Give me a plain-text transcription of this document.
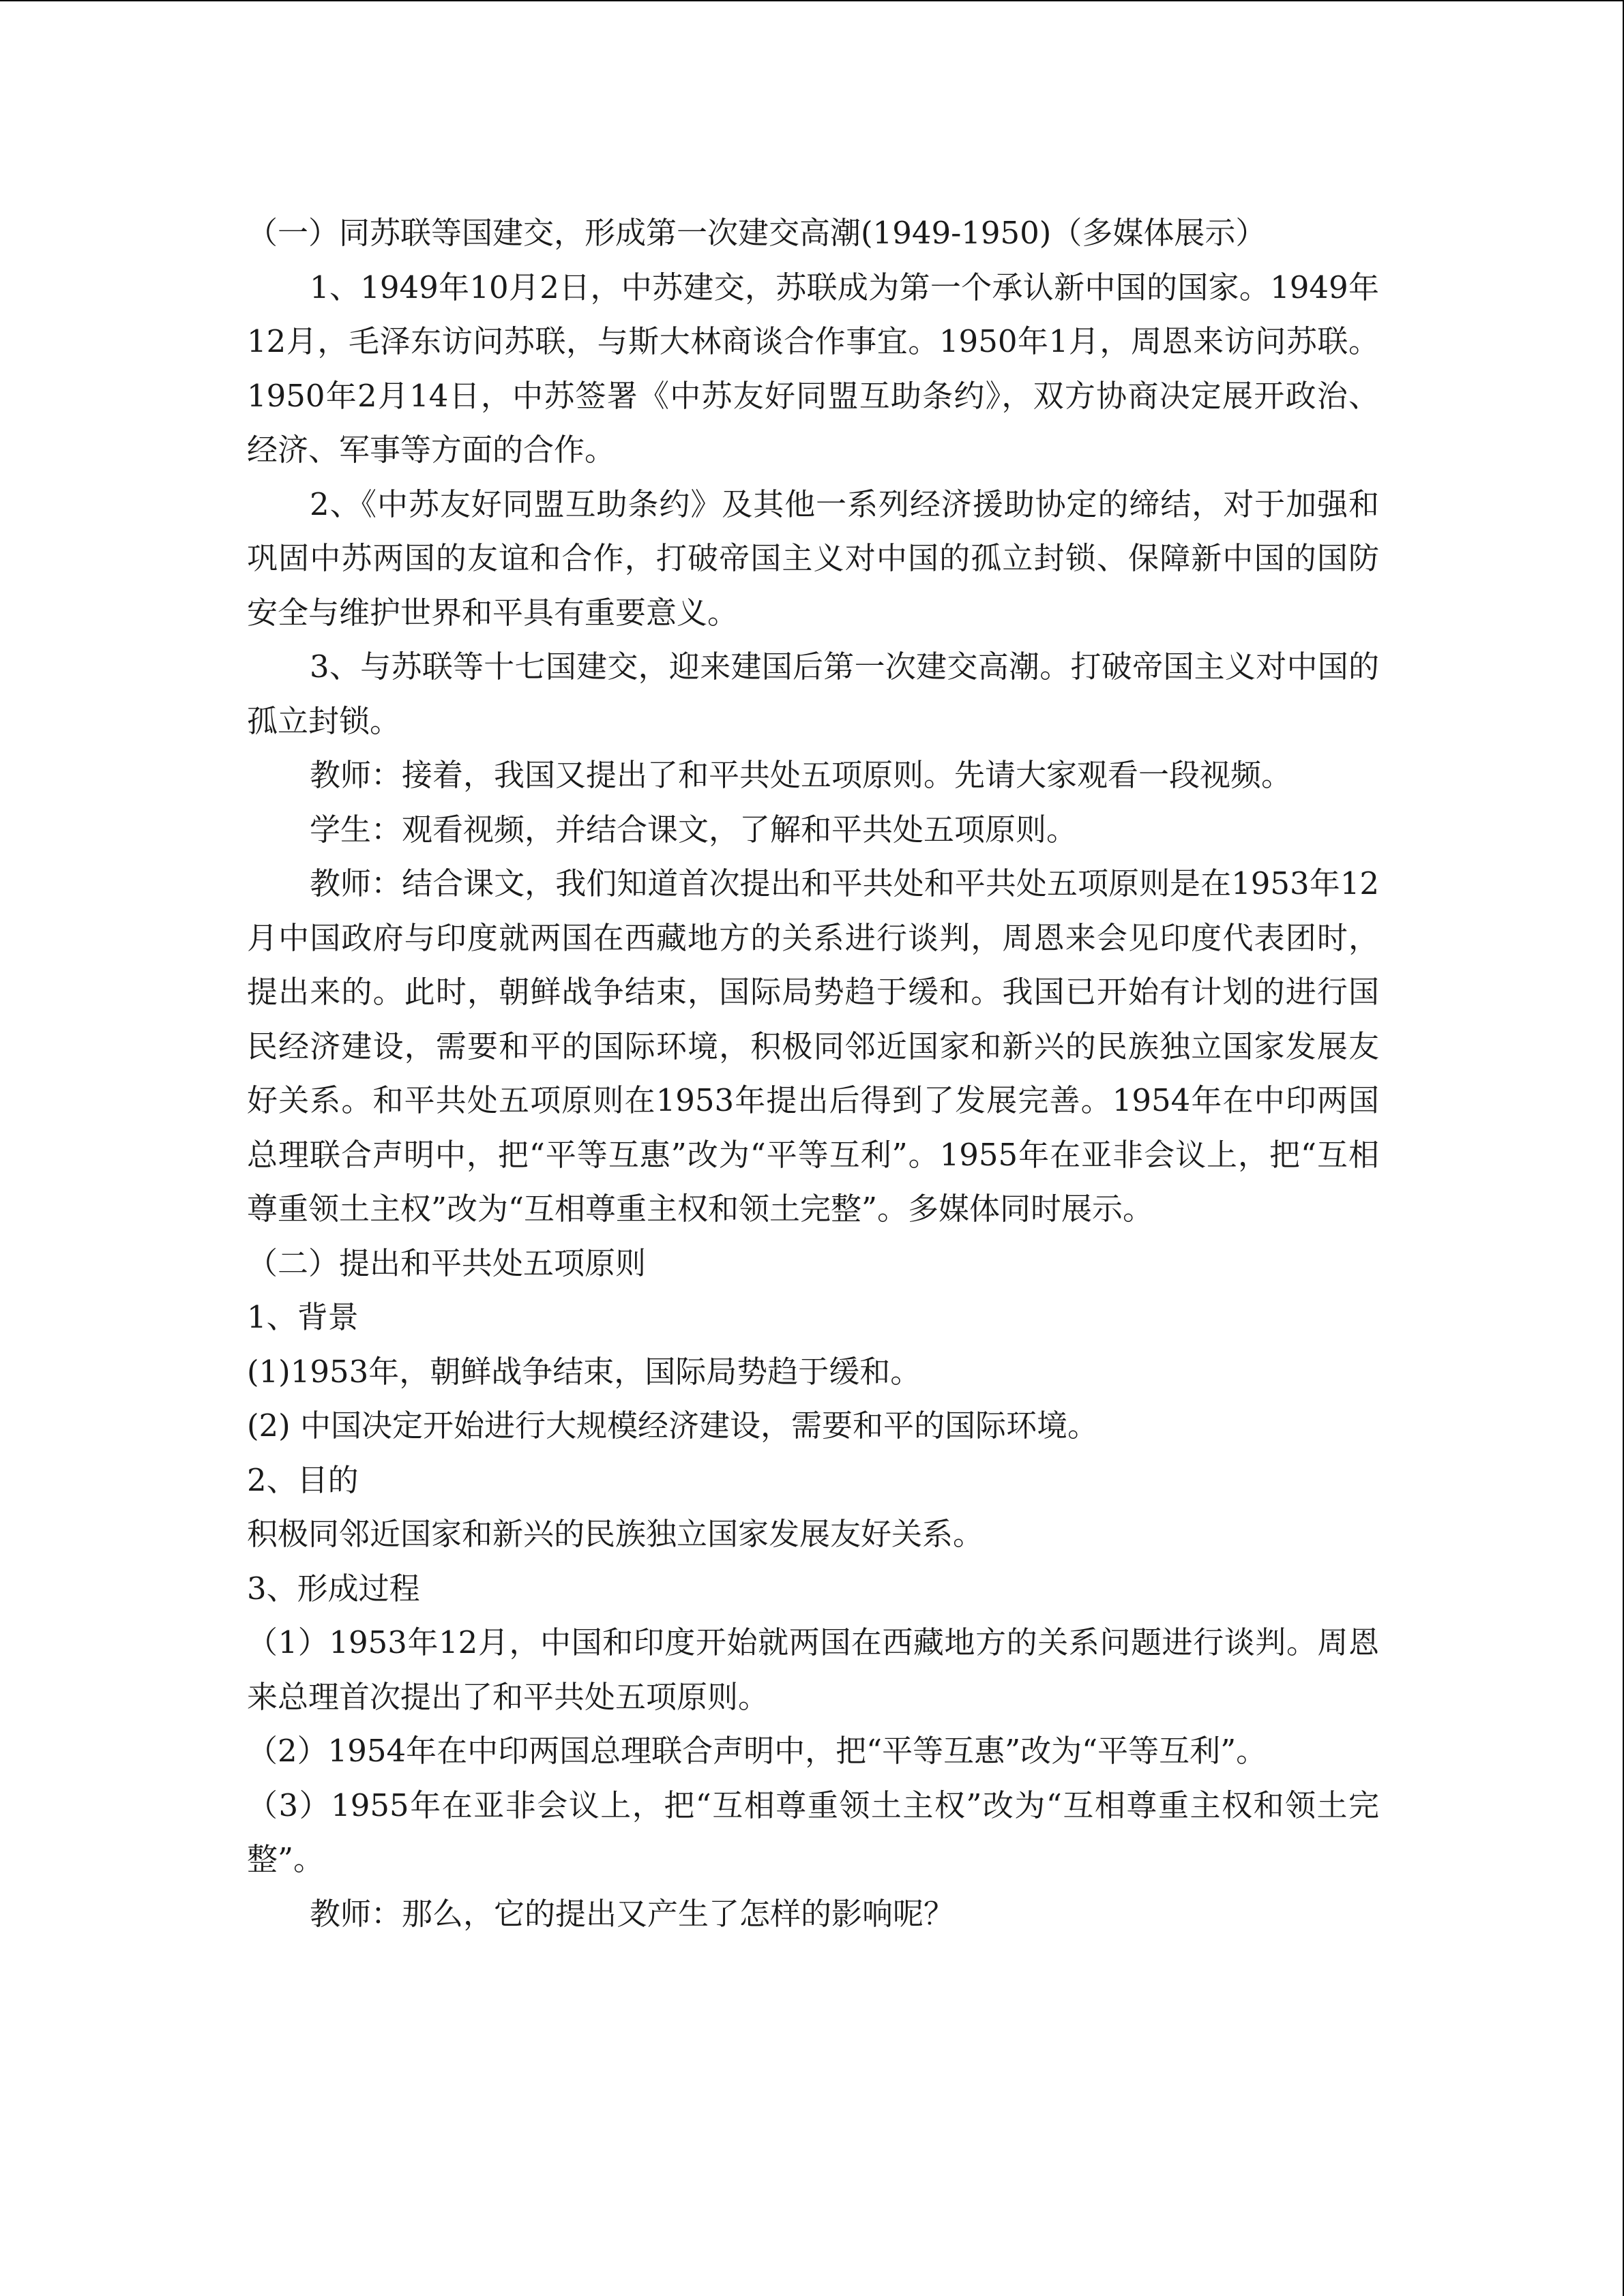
（一）同苏联等国建交，形成第一次建交高潮(1949-1950)（多媒体展示）

1、1949年10月2日，中苏建交，苏联成为第一个承认新中国的国家。1949年12月，毛泽东访问苏联，与斯大林商谈合作事宜。1950年1月，周恩来访问苏联。1950年2月14日，中苏签署《中苏友好同盟互助条约》，双方协商决定展开政治、经济、军事等方面的合作。

2、《中苏友好同盟互助条约》及其他一系列经济援助协定的缔结，对于加强和巩固中苏两国的友谊和合作，打破帝国主义对中国的孤立封锁、保障新中国的国防安全与维护世界和平具有重要意义。

3、与苏联等十七国建交，迎来建国后第一次建交高潮。打破帝国主义对中国的孤立封锁。

教师：接着，我国又提出了和平共处五项原则。先请大家观看一段视频。

学生：观看视频，并结合课文，了解和平共处五项原则。

教师：结合课文，我们知道首次提出和平共处和平共处五项原则是在1953年12月中国政府与印度就两国在西藏地方的关系进行谈判，周恩来会见印度代表团时，提出来的。此时，朝鲜战争结束，国际局势趋于缓和。我国已开始有计划的进行国民经济建设，需要和平的国际环境，积极同邻近国家和新兴的民族独立国家发展友好关系。和平共处五项原则在1953年提出后得到了发展完善。1954年在中印两国总理联合声明中，把“平等互惠”改为“平等互利”。1955年在亚非会议上，把“互相尊重领土主权”改为“互相尊重主权和领土完整”。多媒体同时展示。

（二）提出和平共处五项原则

1、背景

(1)1953年，朝鲜战争结束，国际局势趋于缓和。

(2) 中国决定开始进行大规模经济建设，需要和平的国际环境。

2、目的

积极同邻近国家和新兴的民族独立国家发展友好关系。

3、形成过程

（1）1953年12月，中国和印度开始就两国在西藏地方的关系问题进行谈判。周恩来总理首次提出了和平共处五项原则。

（2）1954年在中印两国总理联合声明中，把“平等互惠”改为“平等互利”。

（3）1955年在亚非会议上，把“互相尊重领土主权”改为“互相尊重主权和领土完整”。

教师：那么，它的提出又产生了怎样的影响呢？
